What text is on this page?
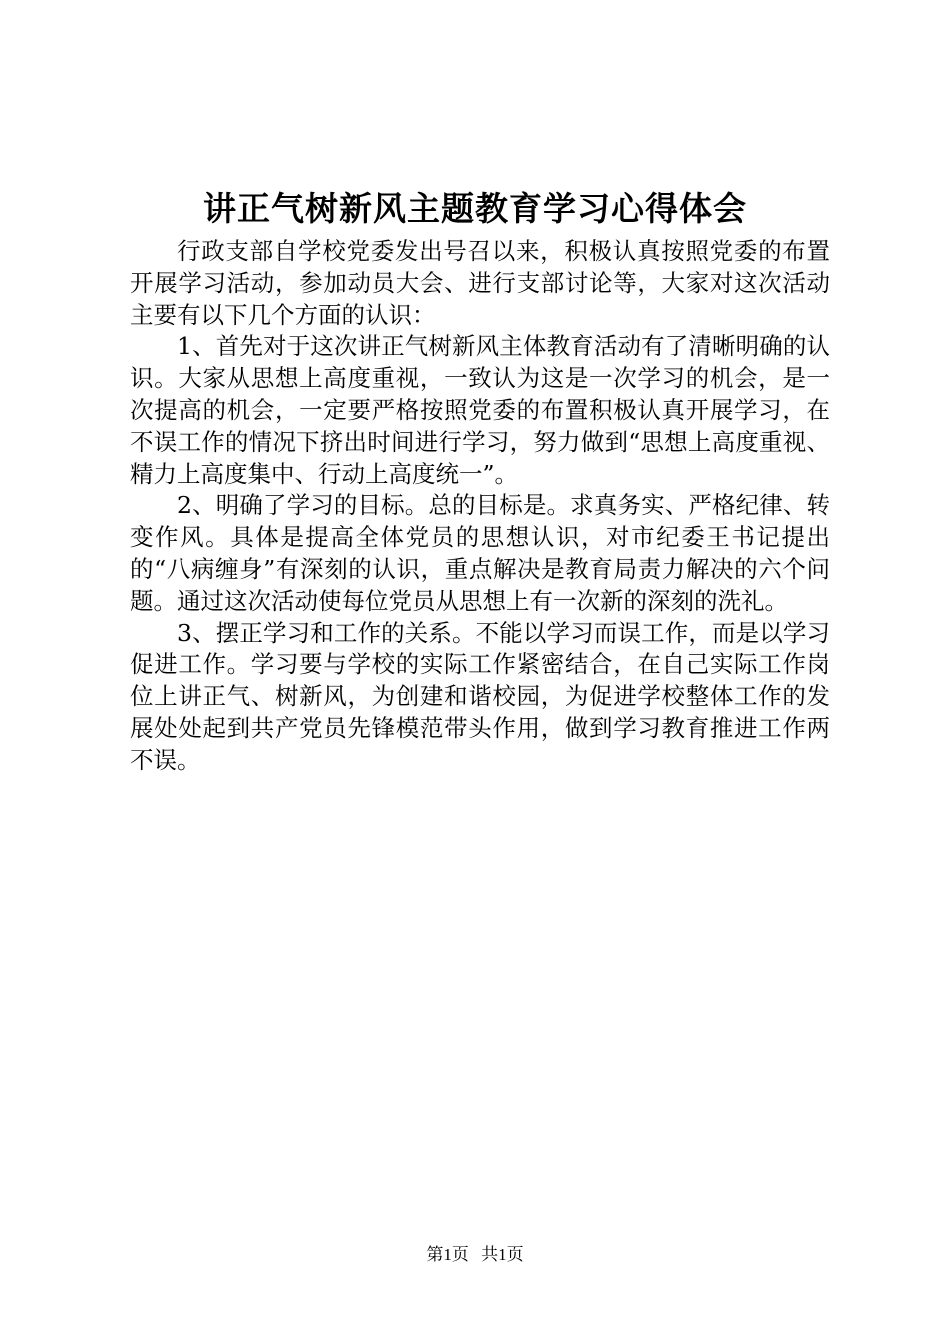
讲正气树新风主题教育学习心得体会

行政支部自学校党委发出号召以来，积极认真按照党委的布置开展学习活动，参加动员大会、进行支部讨论等，大家对这次活动主要有以下几个方面的认识：

1、首先对于这次讲正气树新风主体教育活动有了清晰明确的认识。大家从思想上高度重视，一致认为这是一次学习的机会，是一次提高的机会，一定要严格按照党委的布置积极认真开展学习，在不误工作的情况下挤出时间进行学习，努力做到“思想上高度重视、精力上高度集中、行动上高度统一”。

2、明确了学习的目标。总的目标是。求真务实、严格纪律、转变作风。具体是提高全体党员的思想认识，对市纪委王书记提出的“八病缠身”有深刻的认识，重点解决是教育局责力解决的六个问题。通过这次活动使每位党员从思想上有一次新的深刻的洗礼。

3、摆正学习和工作的关系。不能以学习而误工作，而是以学习促进工作。学习要与学校的实际工作紧密结合，在自己实际工作岗位上讲正气、树新风，为创建和谐校园，为促进学校整体工作的发展处处起到共产党员先锋模范带头作用，做到学习教育推进工作两不误。

第1页 共1页
